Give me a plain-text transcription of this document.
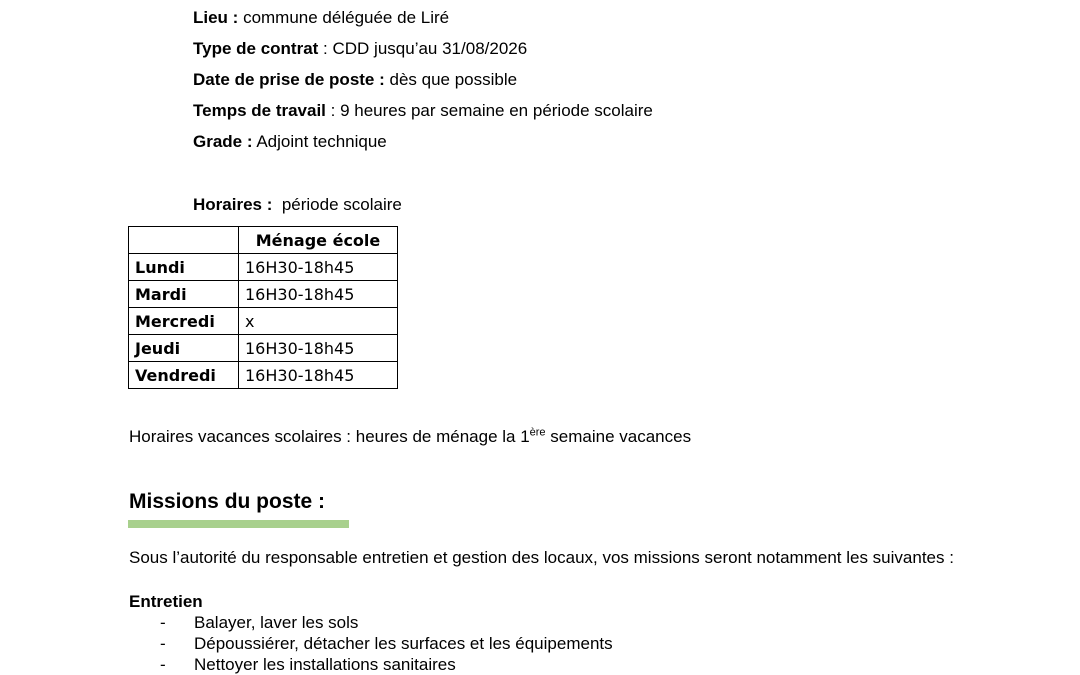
Lieu : commune déléguée de Liré
Type de contrat : CDD jusqu’au 31/08/2026
Date de prise de poste : dès que possible
Temps de travail : 9 heures par semaine en période scolaire
Grade : Adjoint technique
Horaires :  période scolaire
	Ménage école
Lundi	16H30-18h45
Mardi	16H30-18h45
Mercredi	x
Jeudi	16H30-18h45
Vendredi	16H30-18h45
Horaires vacances scolaires : heures de ménage la 1ère semaine vacances
Missions du poste :
Sous l’autorité du responsable entretien et gestion des locaux, vos missions seront notamment les suivantes :
Entretien
- Balayer, laver les sols
- Dépoussiérer, détacher les surfaces et les équipements
- Nettoyer les installations sanitaires
